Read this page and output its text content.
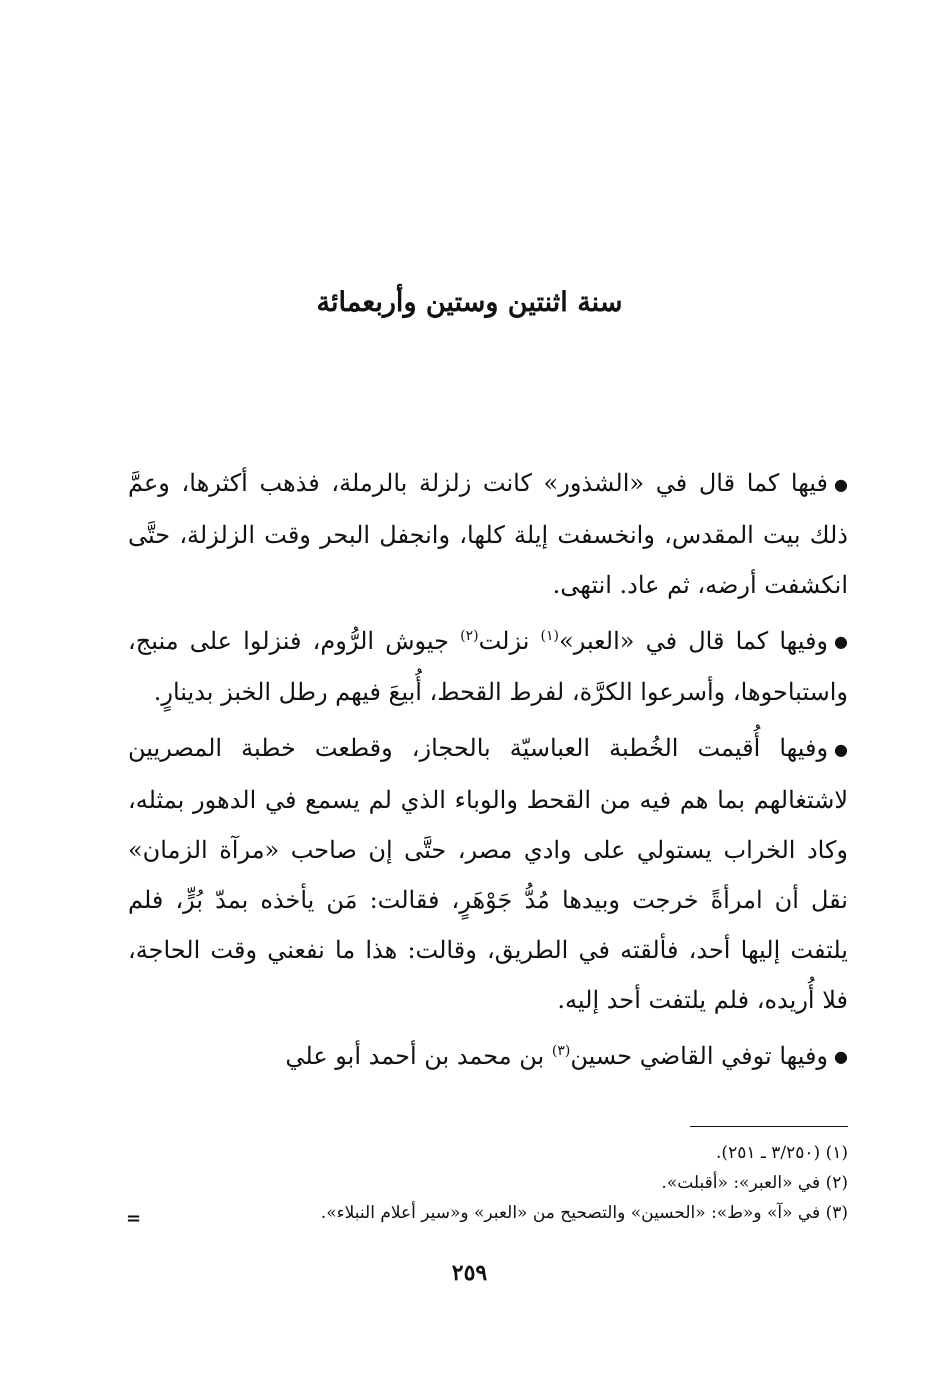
سنة اثنتين وستين وأربعمائة

●فيها كما قال في «الشذور» كانت زلزلة بالرملة، فذهب أكثرها، وعمَّ ذلك بيت المقدس، وانخسفت إيلة كلها، وانجفل البحر وقت الزلزلة، حتَّى انكشفت أرضه، ثم عاد. انتهى.

●وفيها كما قال في «العبر»$^{(١)}$ نزلت$^{(٢)}$ جيوش الرُّوم، فنزلوا على منبج، واستباحوها، وأسرعوا الكرَّة، لفرط القحط، أُبيعَ فيهم رطل الخبز بدينارٍ.

●وفيها أُقيمت الخُطبة العباسيّة بالحجاز، وقطعت خطبة المصريين لاشتغالهم بما هم فيه من القحط والوباء الذي لم يسمع في الدهور بمثله، وكاد الخراب يستولي على وادي مصر، حتَّى إن صاحب «مرآة الزمان» نقل أن امرأةً خرجت وبيدها مُدُّ جَوْهَرٍ، فقالت: مَن يأخذه بمدّ بُرٍّ، فلم يلتفت إليها أحد، فألقته في الطريق، وقالت: هذا ما نفعني وقت الحاجة، فلا أُريده، فلم يلتفت أحد إليه.

●وفيها توفي القاضي حسين$^{(٣)}$ بن محمد بن أحمد أبو علي

(١) (٣/٢٥٠ ـ ٢٥١).

(٢) في «العبر»: «أقبلت».

(٣) في «آ» و«ط»: «الحسين» والتصحيح من «العبر» و«سير أعلام النبلاء».

=
٢٥٩
